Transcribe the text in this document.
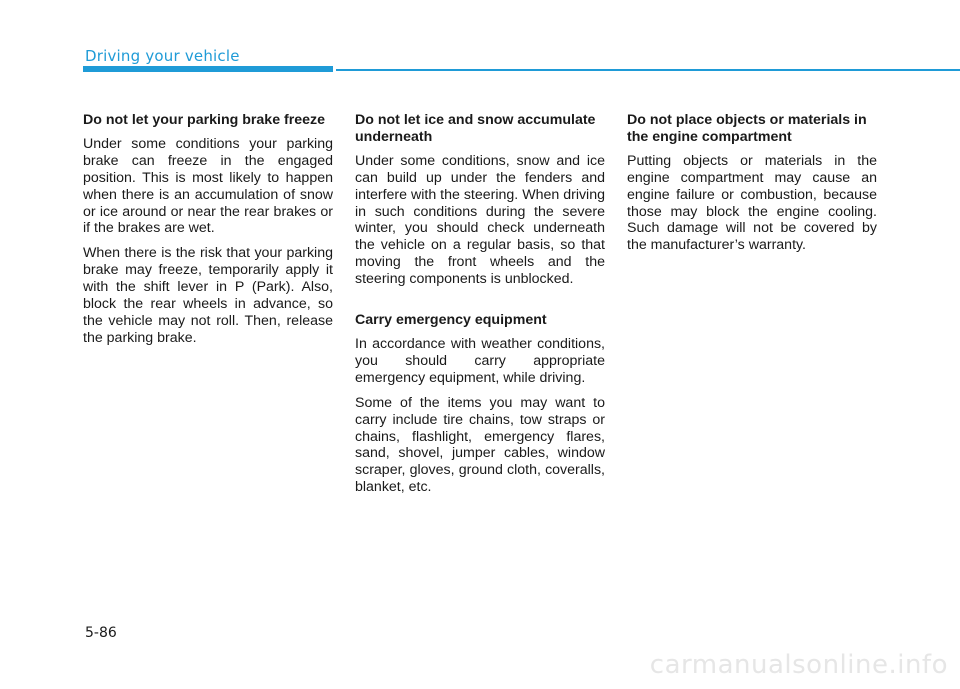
Driving your vehicle

Do not let your parking brake freeze

Under some conditions your parking brake can freeze in the engaged position. This is most likely to happen when there is an accumulation of snow or ice around or near the rear brakes or if the brakes are wet.

When there is the risk that your parking brake may freeze, temporarily apply it with the shift lever in P (Park). Also, block the rear wheels in advance, so the vehicle may not roll. Then, release the parking brake.

Do not let ice and snow accumulate underneath

Under some conditions, snow and ice can build up under the fenders and interfere with the steering. When driving in such conditions during the severe winter, you should check underneath the vehicle on a regular basis, so that moving the front wheels and the steering components is unblocked.

Carry emergency equipment

In accordance with weather conditions, you should carry appropriate emergency equipment, while driving.

Some of the items you may want to carry include tire chains, tow straps or chains, flashlight, emergency flares, sand, shovel, jumper cables, window scraper, gloves, ground cloth, coveralls, blanket, etc.

Do not place objects or materials in the engine compartment

Putting objects or materials in the engine compartment may cause an engine failure or combustion, because those may block the engine cooling. Such damage will not be covered by the manufacturer’s warranty.

5-86
carmanualsonline.info
